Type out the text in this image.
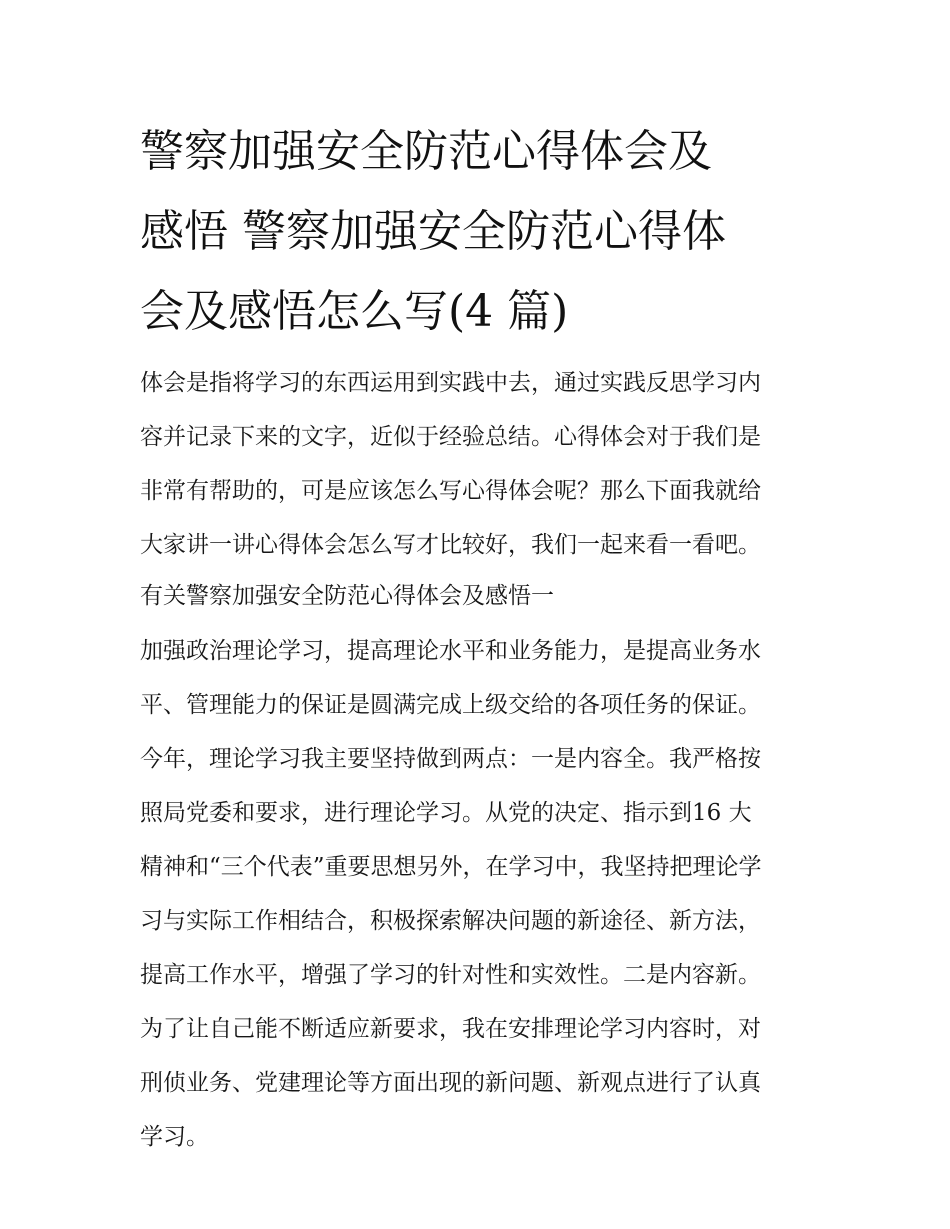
警察加强安全防范心得体会及
感悟 警察加强安全防范心得体
会及感悟怎么写(4 篇)
体会是指将学习的东西运用到实践中去，通过实践反思学习内
容并记录下来的文字，近似于经验总结。心得体会对于我们是
非常有帮助的，可是应该怎么写心得体会呢？那么下面我就给
大家讲一讲心得体会怎么写才比较好，我们一起来看一看吧。
有关警察加强安全防范心得体会及感悟一
加强政治理论学习，提高理论水平和业务能力，是提高业务水
平、管理能力的保证是圆满完成上级交给的各项任务的保证。
今年，理论学习我主要坚持做到两点：一是内容全。我严格按
照局党委和要求，进行理论学习。从党的决定、指示到16 大
精神和“三个代表”重要思想另外，在学习中，我坚持把理论学
习与实际工作相结合，积极探索解决问题的新途径、新方法，
提高工作水平，增强了学习的针对性和实效性。二是内容新。
为了让自己能不断适应新要求，我在安排理论学习内容时，对
刑侦业务、党建理论等方面出现的新问题、新观点进行了认真
学习。
